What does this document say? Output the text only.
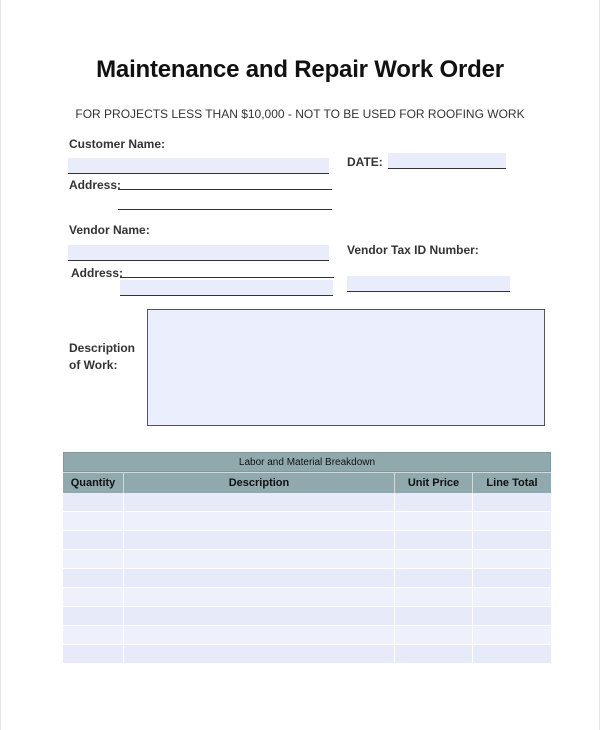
Maintenance and Repair Work Order
FOR PROJECTS LESS THAN $10,000 - NOT TO BE USED FOR ROOFING WORK
Customer Name:
DATE:
Address:
Vendor Name:
Vendor Tax ID Number:
Address:
Description
of Work:
Labor and Material Breakdown
Quantity	Description	Unit Price	Line Total
